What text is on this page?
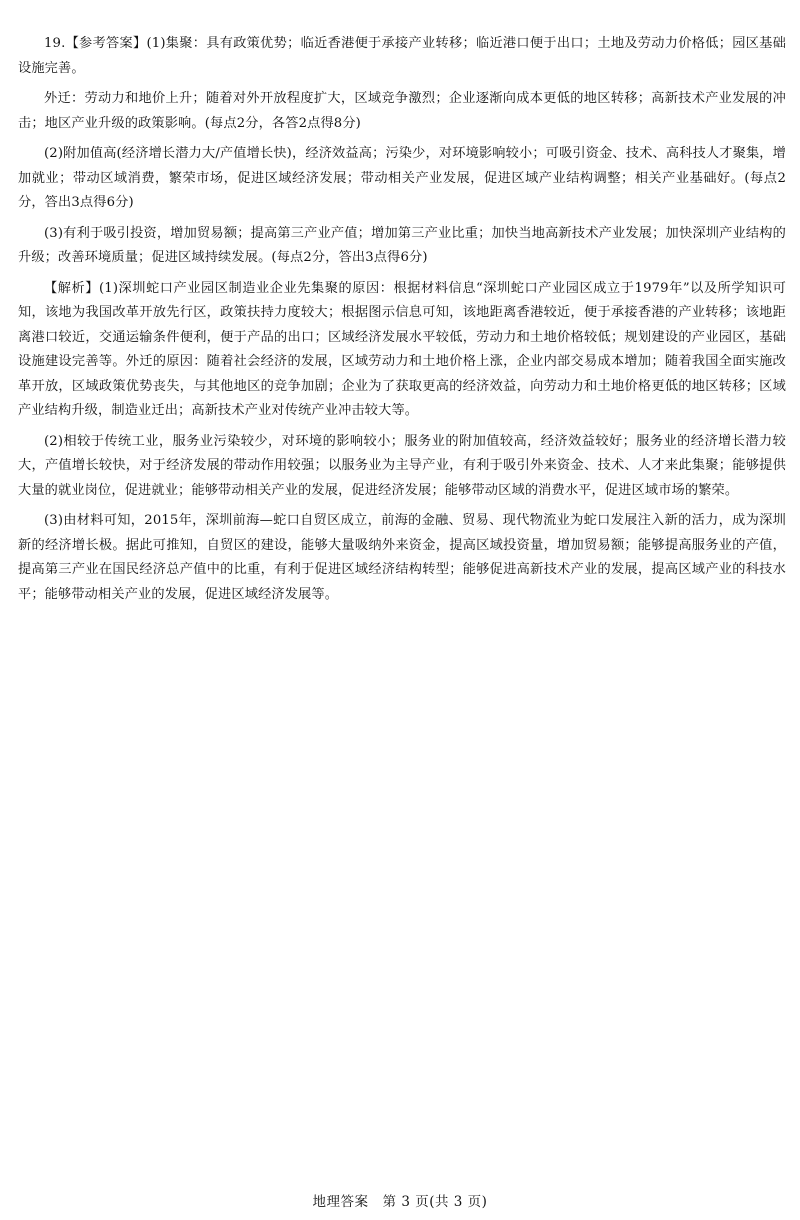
19.【参考答案】(1)集聚：具有政策优势；临近香港便于承接产业转移；临近港口便于出口；土地及劳动力价格低；园区基础设施完善。

外迁：劳动力和地价上升；随着对外开放程度扩大，区域竞争激烈；企业逐渐向成本更低的地区转移；高新技术产业发展的冲击；地区产业升级的政策影响。(每点2分，各答2点得8分)

(2)附加值高(经济增长潜力大/产值增长快)，经济效益高；污染少，对环境影响较小；可吸引资金、技术、高科技人才聚集，增加就业；带动区域消费，繁荣市场，促进区域经济发展；带动相关产业发展，促进区域产业结构调整；相关产业基础好。(每点2分，答出3点得6分)

(3)有利于吸引投资，增加贸易额；提高第三产业产值；增加第三产业比重；加快当地高新技术产业发展；加快深圳产业结构的升级；改善环境质量；促进区域持续发展。(每点2分，答出3点得6分)

【解析】(1)深圳蛇口产业园区制造业企业先集聚的原因：根据材料信息“深圳蛇口产业园区成立于1979年”以及所学知识可知，该地为我国改革开放先行区，政策扶持力度较大；根据图示信息可知，该地距离香港较近，便于承接香港的产业转移；该地距离港口较近，交通运输条件便利，便于产品的出口；区域经济发展水平较低，劳动力和土地价格较低；规划建设的产业园区，基础设施建设完善等。外迁的原因：随着社会经济的发展，区域劳动力和土地价格上涨，企业内部交易成本增加；随着我国全面实施改革开放，区域政策优势丧失，与其他地区的竞争加剧；企业为了获取更高的经济效益，向劳动力和土地价格更低的地区转移；区域产业结构升级，制造业迁出；高新技术产业对传统产业冲击较大等。

(2)相较于传统工业，服务业污染较少，对环境的影响较小；服务业的附加值较高，经济效益较好；服务业的经济增长潜力较大，产值增长较快，对于经济发展的带动作用较强；以服务业为主导产业，有利于吸引外来资金、技术、人才来此集聚；能够提供大量的就业岗位，促进就业；能够带动相关产业的发展，促进经济发展；能够带动区域的消费水平，促进区域市场的繁荣。

(3)由材料可知，2015年，深圳前海—蛇口自贸区成立，前海的金融、贸易、现代物流业为蛇口发展注入新的活力，成为深圳新的经济增长极。据此可推知，自贸区的建设，能够大量吸纳外来资金，提高区域投资量，增加贸易额；能够提高服务业的产值，提高第三产业在国民经济总产值中的比重，有利于促进区域经济结构转型；能够促进高新技术产业的发展，提高区域产业的科技水平；能够带动相关产业的发展，促进区域经济发展等。

地理答案　第 3 页(共 3 页)
